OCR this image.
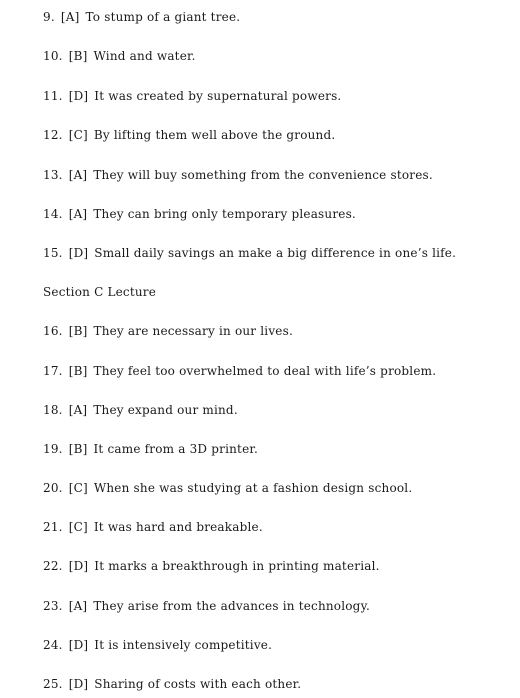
9. [A] To stump of a giant tree.
10. [B] Wind and water.
11. [D] It was created by supernatural powers.
12. [C] By lifting them well above the ground.
13. [A] They will buy something from the convenience stores.
14. [A] They can bring only temporary pleasures.
15. [D] Small daily savings an make a big difference in one’s life.
Section C Lecture
16. [B] They are necessary in our lives.
17. [B] They feel too overwhelmed to deal with life’s problem.
18. [A] They expand our mind.
19. [B] It came from a 3D printer.
20. [C] When she was studying at a fashion design school.
21. [C] It was hard and breakable.
22. [D] It marks a breakthrough in printing material.
23. [A] They arise from the advances in technology.
24. [D] It is intensively competitive.
25. [D] Sharing of costs with each other.
